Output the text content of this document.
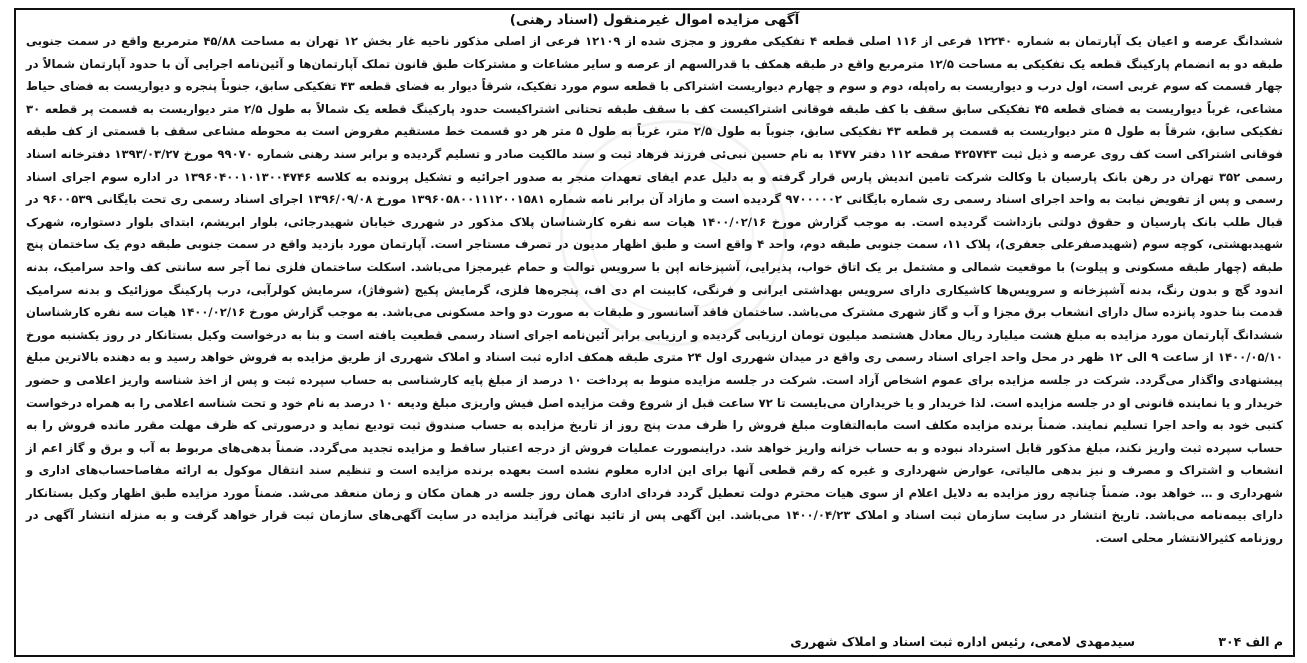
آگهی مزایده اموال غیرمنقول (اسناد رهنی)

ششدانگ عرصه و اعیان یک آپارتمان به شماره ۱۲۲۴۰ فرعی از ۱۱۶ اصلی قطعه ۴ تفکیکی مفروز و مجزی شده از ۱۲۱۰۹ فرعی از اصلی مذکور ناحیه غار بخش ۱۲ تهران به مساحت ۴۵/۸۸ مترمربع واقع در سمت جنوبی طبقه دو به انضمام پارکینگ قطعه یک تفکیکی به مساحت ۱۲/۵ مترمربع واقع در طبقه همکف با قدرالسهم از عرصه و سایر مشاعات و مشترکات طبق قانون تملک آپارتمان‌ها و آئین‌نامه اجرایی آن با حدود آپارتمان شمالاً در چهار قسمت که سوم غربی است، اول درب و دیواریست به راه‌پله، دوم و سوم و چهارم دیواریست اشتراکی با قطعه سوم مورد تفکیک، شرقاً دیوار به فضای قطعه ۴۳ تفکیکی سابق، جنوباً پنجره و دیواریست به فضای حیاط مشاعی، غرباً دیواریست به فضای قطعه ۴۵ تفکیکی سابق سقف با کف طبقه فوقانی اشتراکیست کف با سقف طبقه تحتانی اشتراکیست حدود پارکینگ قطعه یک شمالاً به طول ۲/۵ متر دیواریست به قسمت پر قطعه ۳۰ تفکیکی سابق، شرقاً به طول ۵ متر دیواریست به قسمت پر قطعه ۴۳ تفکیکی سابق، جنوباً به طول ۲/۵ متر، غرباً به طول ۵ متر هر دو قسمت خط مستقیم مفروض است به محوطه مشاعی سقف با قسمتی از کف طبقه فوقانی اشتراکی است کف روی عرصه و ذیل ثبت ۴۲۵۷۴۳ صفحه ۱۱۲ دفتر ۱۴۷۷ به نام حسین نبی‌ئی فرزند فرهاد ثبت و سند مالکیت صادر و تسلیم گردیده و برابر سند رهنی شماره ۹۹۰۷۰ مورخ ۱۳۹۳/۰۳/۲۷ دفترخانه اسناد رسمی ۳۵۲ تهران در رهن بانک پارسیان با وکالت شرکت تامین اندیش پارس قرار گرفته و به دلیل عدم ایفای تعهدات منجر به صدور اجرائیه و تشکیل پرونده به کلاسه ۱۳۹۶۰۴۰۰۱۰۱۳۰۰۴۷۴۶ در اداره سوم اجرای اسناد رسمی و پس از تفویض نیابت به واحد اجرای اسناد رسمی ری شماره بایگانی ۹۷۰۰۰۰۰۲ گردیده است و مازاد آن برابر نامه شماره ۱۳۹۶۰۵۸۰۰۱۱۱۲۰۰۱۵۸۱ مورخ ۱۳۹۶/۰۹/۰۸ اجرای اسناد رسمی ری تحت بایگانی ۹۶۰۰۵۳۹ در قبال طلب بانک پارسیان و حقوق دولتی بازداشت گردیده است. به موجب گزارش مورخ ۱۴۰۰/۰۲/۱۶ هیات سه نفره کارشناسان پلاک مذکور در شهرری خیابان شهیدرجائی، بلوار ابریشم، ابتدای بلوار دستواره، شهرک شهیدبهشتی، کوچه سوم (شهیدصفرعلی جعفری)، پلاک ۱۱، سمت جنوبی طبقه دوم، واحد ۴ واقع است و طبق اظهار مدیون در تصرف مستاجر است. آپارتمان مورد بازدید واقع در سمت جنوبی طبقه دوم یک ساختمان پنج طبقه (چهار طبقه مسکونی و پیلوت) با موقعیت شمالی و مشتمل بر یک اتاق خواب، پذیرایی، آشپزخانه اپن با سرویس توالت و حمام غیرمجزا می‌باشد. اسکلت ساختمان فلزی نما آجر سه سانتی کف واحد سرامیک، بدنه اندود گچ و بدون رنگ، بدنه آشپزخانه و سرویس‌ها کاشیکاری دارای سرویس بهداشتی ایرانی و فرنگی، کابینت ام دی اف، پنجره‌ها فلزی، گرمایش پکیج (شوفاژ)، سرمایش کولرآبی، درب پارکینگ موزائیک و بدنه سرامیک قدمت بنا حدود پانزده سال دارای انشعاب برق مجزا و آب و گاز شهری مشترک می‌باشد. ساختمان فاقد آسانسور و طبقات به صورت دو واحد مسکونی می‌باشد. به موجب گزارش مورخ ۱۴۰۰/۰۲/۱۶ هیات سه نفره کارشناسان ششدانگ آپارتمان مورد مزایده به مبلغ هشت میلیارد ریال معادل هشتصد میلیون تومان ارزیابی گردیده و ارزیابی برابر آئین‌نامه اجرای اسناد رسمی قطعیت یافته است و بنا به درخواست وکیل بستانکار در روز یکشنبه مورخ ۱۴۰۰/۰۵/۱۰ از ساعت ۹ الی ۱۲ ظهر در محل واحد اجرای اسناد رسمی ری واقع در میدان شهرری اول ۲۴ متری طبقه همکف اداره ثبت اسناد و املاک شهرری از طریق مزایده به فروش خواهد رسید و به دهنده بالاترین مبلغ پیشنهادی واگذار می‌گردد. شرکت در جلسه مزایده برای عموم اشخاص آزاد است. شرکت در جلسه مزایده منوط به پرداخت ۱۰ درصد از مبلغ پایه کارشناسی به حساب سپرده ثبت و پس از اخذ شناسه واریز اعلامی و حضور خریدار و یا نماینده قانونی او در جلسه مزایده است. لذا خریدار و یا خریداران می‌بایست تا ۷۲ ساعت قبل از شروع وقت مزایده اصل فیش واریزی مبلغ ودیعه ۱۰ درصد به نام خود و تحت شناسه اعلامی را به همراه درخواست کتبی خود به واحد اجرا تسلیم نمایند. ضمناً برنده مزایده مکلف است مابه‌التفاوت مبلغ فروش را ظرف مدت پنج روز از تاریخ مزایده به حساب صندوق ثبت تودیع نماید و درصورتی که ظرف مهلت مقرر مانده فروش را به حساب سپرده ثبت واریز نکند، مبلغ مذکور قابل استرداد نبوده و به حساب خزانه واریز خواهد شد. دراینصورت عملیات فروش از درجه اعتبار ساقط و مزایده تجدید می‌گردد. ضمناً بدهی‌های مربوط به آب و برق و گاز اعم از انشعاب و اشتراک و مصرف و نیز بدهی مالیاتی، عوارض شهرداری و غیره که رقم قطعی آنها برای این اداره معلوم نشده است بعهده برنده مزایده است و تنظیم سند انتقال موکول به ارائه مفاصاحساب‌های اداری و شهرداری و … خواهد بود. ضمناً چنانچه روز مزایده به دلایل اعلام از سوی هیات محترم دولت تعطیل گردد فردای اداری همان روز جلسه در همان مکان و زمان منعقد می‌شد. ضمناً مورد مزایده طبق اظهار وکیل بستانکار دارای بیمه‌نامه می‌باشد. تاریخ انتشار در سایت سازمان ثبت اسناد و املاک ۱۴۰۰/۰۴/۲۳ می‌باشد. این آگهی پس از تائید نهائی فرآیند مزایده در سایت آگهی‌های سازمان ثبت قرار خواهد گرفت و به منزله انتشار آگهی در روزنامه کثیرالانتشار محلی است.

م الف ۳۰۴
سیدمهدی لامعی، رئیس اداره ثبت اسناد و املاک شهرری
